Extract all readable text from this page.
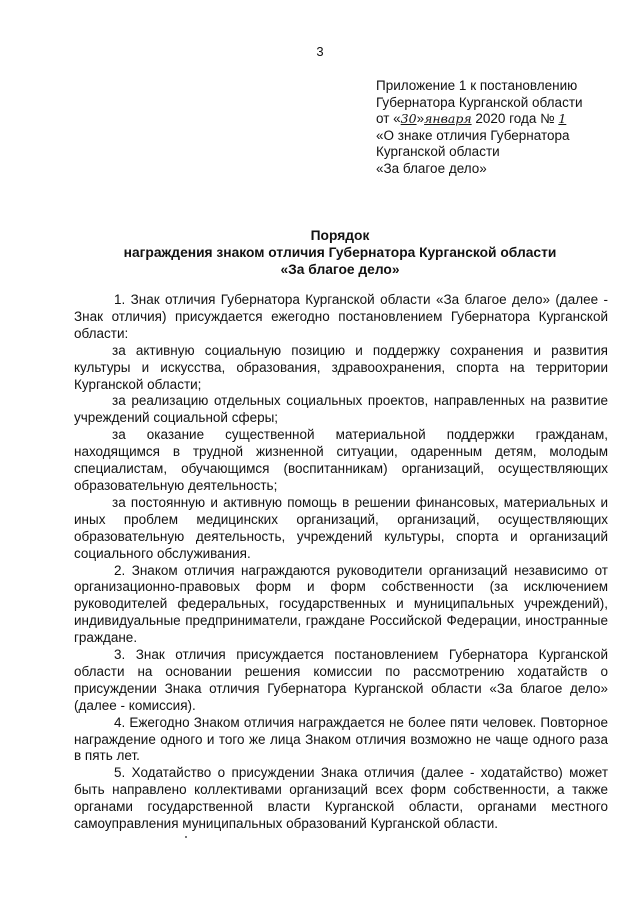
3
Приложение 1 к постановлению
Губернатора Курганской области
от «30»января 2020 года № 1
«О знаке отличия Губернатора
Курганской области
«За благое дело»
Порядок
награждения знаком отличия Губернатора Курганской области
«За благое дело»

1. Знак отличия Губернатора Курганской области «За благое дело» (далее - Знак отличия) присуждается ежегодно постановлением Губернатора Курганской области:

за активную социальную позицию и поддержку сохранения и развития культуры и искусства, образования, здравоохранения, спорта на территории Курганской области;

за реализацию отдельных социальных проектов, направленных на развитие учреждений социальной сферы;

за оказание существенной материальной поддержки гражданам, находящимся в трудной жизненной ситуации, одаренным детям, молодым специалистам, обучающимся (воспитанникам) организаций, осуществляющих образовательную деятельность;

за постоянную и активную помощь в решении финансовых, материальных и иных проблем медицинских организаций, организаций, осуществляющих образовательную деятельность, учреждений культуры, спорта и организаций социального обслуживания.

2. Знаком отличия награждаются руководители организаций независимо от организационно-правовых форм и форм собственности (за исключением руководителей федеральных, государственных и муниципальных учреждений), индивидуальные предприниматели, граждане Российской Федерации, иностранные граждане.

3. Знак отличия присуждается постановлением Губернатора Курганской области на основании решения комиссии по рассмотрению ходатайств о присуждении Знака отличия Губернатора Курганской области «За благое дело» (далее - комиссия).

4. Ежегодно Знаком отличия награждается не более пяти человек. Повторное награждение одного и того же лица Знаком отличия возможно не чаще одного раза в пять лет.

5. Ходатайство о присуждении Знака отличия (далее - ходатайство) может быть направлено коллективами организаций всех форм собственности, а также органами государственной власти Курганской области, органами местного самоуправления муниципальных образований Курганской области.
